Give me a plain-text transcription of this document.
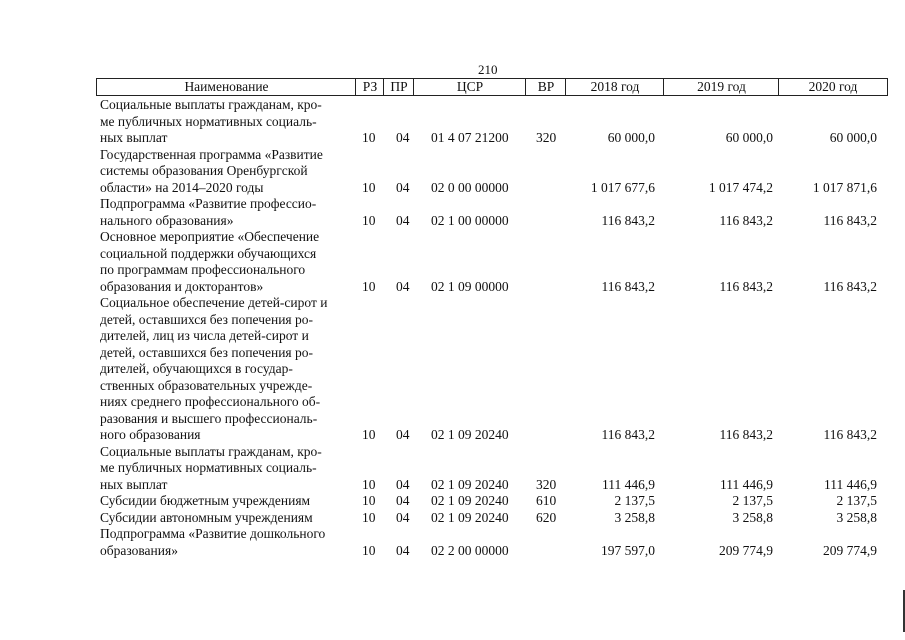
210
Наименование	РЗ ПР	ЦСР	ВР	2018 год	2019 год	2020 год
Социальные выплаты гражданам, кро-
ме публичных нормативных социаль-
ных выплат	10 04 01 4 07 21200 320	60 000,0	60 000,0	60 000,0
Государственная программа «Развитие
системы образования Оренбургской
области» на 2014–2020 годы	10 04 02 0 00 00000	1 017 677,6	1 017 474,2	1 017 871,6
Подпрограмма «Развитие профессио-
нального образования»	10 04 02 1 00 00000	116 843,2	116 843,2	116 843,2
Основное мероприятие «Обеспечение
социальной поддержки обучающихся
по программам профессионального
образования и докторантов»	10 04 02 1 09 00000	116 843,2	116 843,2	116 843,2
Социальное обеспечение детей-сирот и
детей, оставшихся без попечения ро-
дителей, лиц из числа детей-сирот и
детей, оставшихся без попечения ро-
дителей, обучающихся в государ-
ственных образовательных учрежде-
ниях среднего профессионального об-
разования и высшего профессиональ-
ного образования	10 04 02 1 09 20240	116 843,2	116 843,2	116 843,2
Социальные выплаты гражданам, кро-
ме публичных нормативных социаль-
ных выплат	10 04 02 1 09 20240 320	111 446,9	111 446,9	111 446,9
Субсидии бюджетным учреждениям	10 04 02 1 09 20240 610	2 137,5	2 137,5	2 137,5
Субсидии автономным учреждениям	10 04 02 1 09 20240 620	3 258,8	3 258,8	3 258,8
Подпрограмма «Развитие дошкольного
образования»	10 04 02 2 00 00000	197 597,0	209 774,9	209 774,9
